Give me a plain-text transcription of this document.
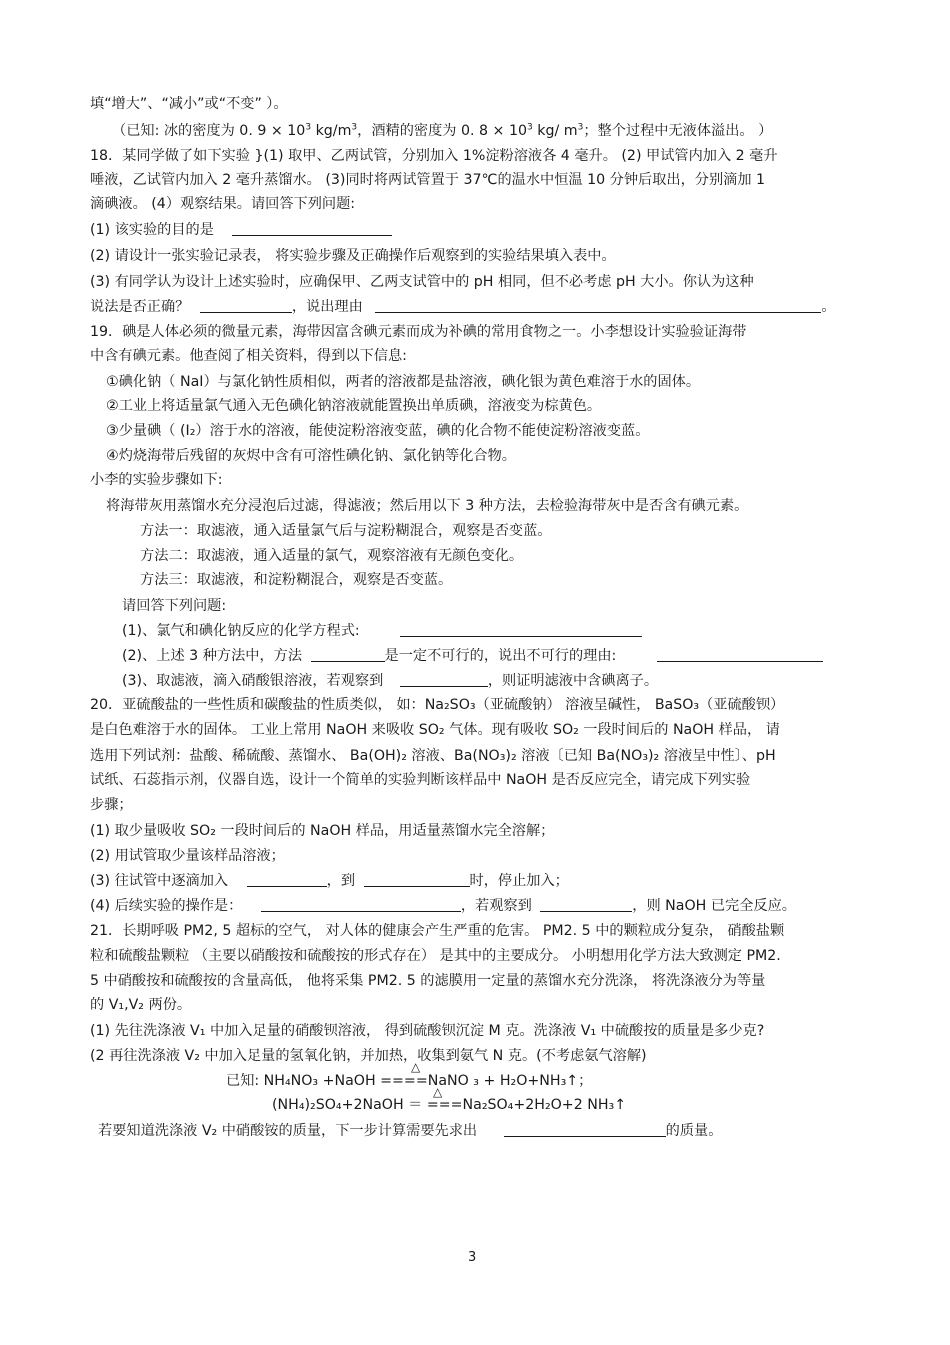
填“增大”、“减小”或“不变” ）。
（已知: 冰的密度为 0. $9 \times 10^3$ $kg/m^3$，酒精的密度为 0. $8 \times 10^3$ kg/ $m^3$；整个过程中无液体溢出。 ）
18．某同学做了如下实验 }(1) 取甲、乙两试管，分别加入 1%淀粉溶液各 4 毫升。 (2) 甲试管内加入 2 毫升
唾液，乙试管内加入 2 毫升蒸馏水。 (3)同时将两试管置于 37℃的温水中恒温 10 分钟后取出，分别滴加 1
滴碘液。 (4）观察结果。请回答下列问题:
(1) 该实验的目的是
(2) 请设计一张实验记录表， 将实验步骤及正确操作后观察到的实验结果填入表中。
(3) 有同学认为设计上述实验时，应确保甲、乙两支试管中的 pH 相同，但不必考虑 pH 大小。你认为这种
说法是否正确？	，说出理由	。
19．碘是人体必须的微量元素，海带因富含碘元素而成为补碘的常用食物之一。小李想设计实验验证海带
中含有碘元素。他查阅了相关资料，得到以下信息:
①碘化钠（ NaI）与氯化钠性质相似，两者的溶液都是盐溶液，碘化银为黄色难溶于水的固体。
②工业上将适量氯气通入无色碘化钠溶液就能置换出单质碘，溶液变为棕黄色。
③少量碘（ (I₂）溶于水的溶液，能使淀粉溶液变蓝，碘的化合物不能使淀粉溶液变蓝。
④灼烧海带后残留的灰烬中含有可溶性碘化钠、氯化钠等化合物。
小李的实验步骤如下:
将海带灰用蒸馏水充分浸泡后过滤，得滤液；然后用以下 3 种方法，去检验海带灰中是否含有碘元素。
方法一：取滤液，通入适量氯气后与淀粉糊混合，观察是否变蓝。
方法二：取滤液，通入适量的氯气，观察溶液有无颜色变化。
方法三：取滤液，和淀粉糊混合，观察是否变蓝。
请回答下列问题:
(1)、氯气和碘化钠反应的化学方程式:
(2)、上述 3 种方法中，方法	是一定不可行的，说出不可行的理由:
(3)、取滤液，滴入硝酸银溶液，若观察到	，则证明滤液中含碘离子。
20．亚硫酸盐的一些性质和碳酸盐的性质类似， 如：Na₂SO₃（亚硫酸钠） 溶液呈碱性， BaSO₃（亚硫酸钡）
是白色难溶于水的固体。 工业上常用 NaOH 来吸收 SO₂ 气体。现有吸收 SO₂ 一段时间后的 NaOH 样品， 请
选用下列试剂：盐酸、稀硫酸、蒸馏水、 Ba(OH)₂ 溶液、Ba(NO₃)₂ 溶液〔已知 Ba(NO₃)₂ 溶液呈中性〕、pH
试纸、石蕊指示剂，仪器自选，设计一个简单的实验判断该样品中 NaOH 是否反应完全，请完成下列实验
步骤；
(1) 取少量吸收 SO₂ 一段时间后的 NaOH 样品，用适量蒸馏水完全溶解；
(2) 用试管取少量该样品溶液；
(3) 往试管中逐滴加入	，到	时，停止加入；
(4) 后续实验的操作是：	，若观察到	，则 NaOH 已完全反应。
21．长期呼吸 PM2, 5 超标的空气， 对人体的健康会产生严重的危害。 PM2. 5 中的颗粒成分复杂， 硝酸盐颗
粒和硫酸盐颗粒 （主要以硝酸按和硫酸按的形式存在） 是其中的主要成分。 小明想用化学方法大致测定 PM2.
5 中硝酸按和硫酸按的含量高低， 他将采集 PM2. 5 的滤膜用一定量的蒸馏水充分洗涤， 将洗涤液分为等量
的 V₁,V₂ 两份。
(1) 先往洗涤液 V₁ 中加入足量的硝酸钡溶液， 得到硫酸钡沉淀 M 克。洗涤液 V₁ 中硫酸按的质量是多少克?
(2 再往洗涤液 V₂ 中加入足量的氢氧化钠，并加热，收集到氨气 N 克。(不考虑氨气溶解)
△
已知: NH₄NO₃ +NaOH ====NaNO ₃ + H₂O+NH₃↑；
△
(NH₄)₂SO₄+2NaOH ＝ ===Na₂SO₄+2H₂O+2 NH₃↑
若要知道洗涤液 V₂ 中硝酸铵的质量，下一步计算需要先求出	的质量。
3
